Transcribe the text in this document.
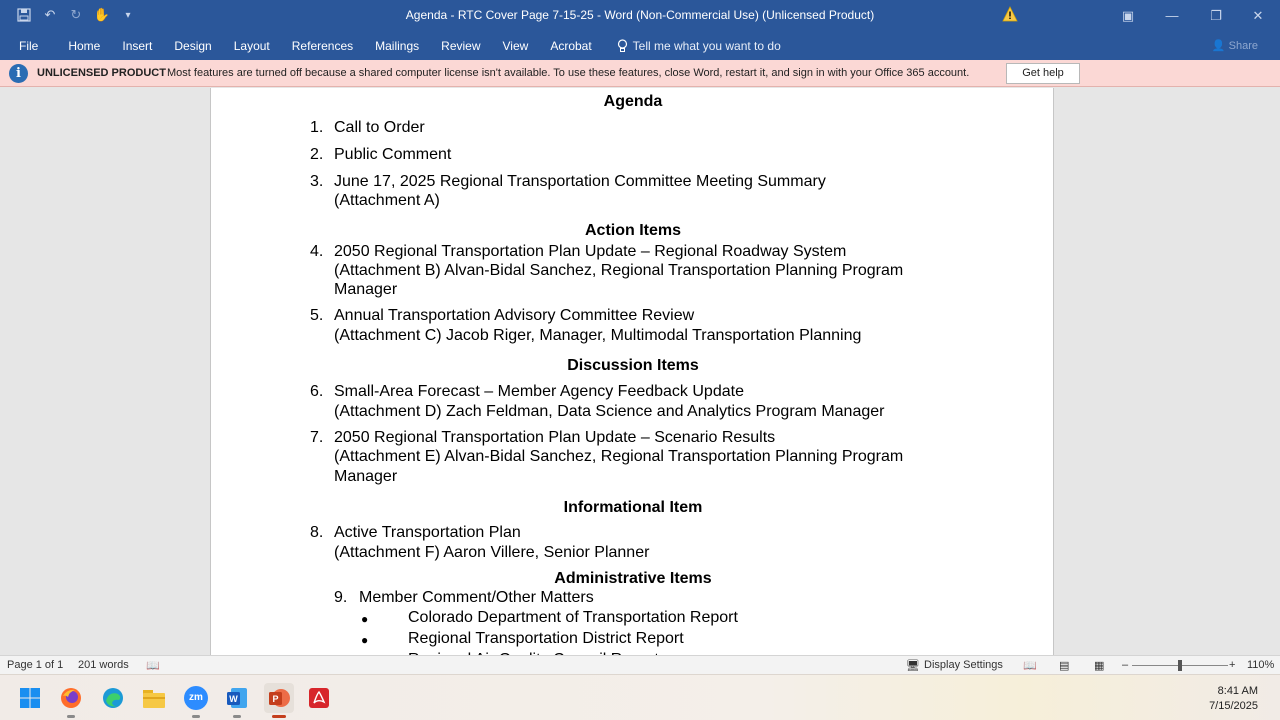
↶	↻ ✋	▾	Agenda - RTC Cover Page 7-15-25 - Word (Non-Commercial Use) (Unlicensed Product)	▣	—	❐	✕
File	Home	Insert	Design	Layout	References	Mailings	Review	View	Acrobat	Tell me what you want to do	👤 Share
i	UNLICENSED PRODUCT Most features are turned off because a shared computer license isn't available. To use these features, close Word, restart it, and sign in with your Office 365 account.	Get help
Agenda
1. Call to Order
2. Public Comment
3. June 17, 2025 Regional Transportation Committee Meeting Summary
(Attachment A)
Action Items
4. 2050 Regional Transportation Plan Update – Regional Roadway System
(Attachment B) Alvan-Bidal Sanchez, Regional Transportation Planning Program
Manager
5. Annual Transportation Advisory Committee Review
(Attachment C) Jacob Riger, Manager, Multimodal Transportation Planning
Discussion Items
6. Small-Area Forecast – Member Agency Feedback Update
(Attachment D) Zach Feldman, Data Science and Analytics Program Manager
7. 2050 Regional Transportation Plan Update – Scenario Results
(Attachment E) Alvan-Bidal Sanchez, Regional Transportation Planning Program
Manager
Informational Item
8. Active Transportation Plan
(Attachment F) Aaron Villere, Senior Planner
Administrative Items
9. Member Comment/Other Matters
● Colorado Department of Transportation Report
● Regional Transportation District Report
Page 1 of 1 201 words 📖	🖥 Display Settings 📖 ▤ ▦ –	+ 110%
zm	W	P
8:41 AM
7/15/2025
